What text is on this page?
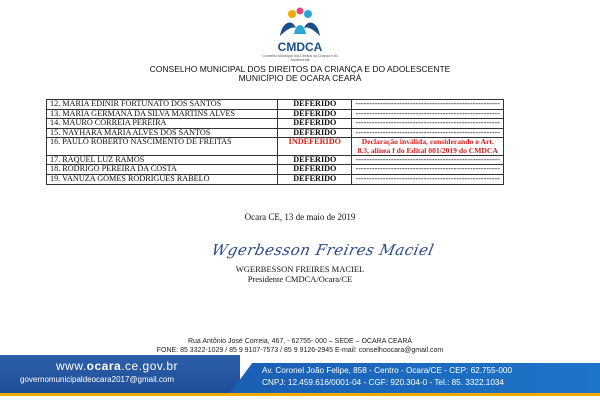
CMDCA
Conselho Municipal dos Direitos da Criança e do Adolescente
CONSELHO MUNICIPAL DOS DIREITOS DA CRIANÇA E DO ADOLESCENTE
MUNICÍPIO DE OCARA CEARÁ
12. MARIA EDINIR FORTUNATO DOS SANTOS	DEFERIDO	-----------------------------------------------------
13. MARIA GERMANA DA SILVA MARTINS ALVES	DEFERIDO	-----------------------------------------------------
14. MAURO CORREIA PEREIRA	DEFERIDO	-----------------------------------------------------
15. NAYHARA MARIA ALVES DOS SANTOS	DEFERIDO	-----------------------------------------------------
16. PAULO ROBERTO NASCIMENTO DE FREITAS	INDEFERIDO	Declaração inválida, considerando o Art. 8.3, alínea f do Edital 001/2019 do CMDCA
17. RAQUEL LUZ RAMOS	DEFERIDO	-----------------------------------------------------
18. RODRIGO PEREIRA DA COSTA	DEFERIDO	-----------------------------------------------------
19. VANUZA GOMES RODRIGUES RABELO	DEFERIDO	-----------------------------------------------------
Ocara CE, 13 de maio de 2019
Wgerbesson Freires Maciel
WGERBESSON FREIRES MACIEL
Presidente CMDCA/Ocara/CE
Rua Antônio José Correia, 467, - 62755- 000 – SEDE – OCARA CEARÁ
FONE: 85 3322-1029 / 85 9 9107-7573 / 85 9 9126-2945 E-mail: conselhoocara@gmail.com
www.ocara.ce.gov.br
governomunicipaldeocara2017@gmail.com
Av. Coronel João Felipe, 858 - Centro - Ocara/CE - CEP: 62.755-000
CNPJ: 12.459.616/0001-04 - CGF: 920.304-0 - Tel.: 85. 3322.1034
